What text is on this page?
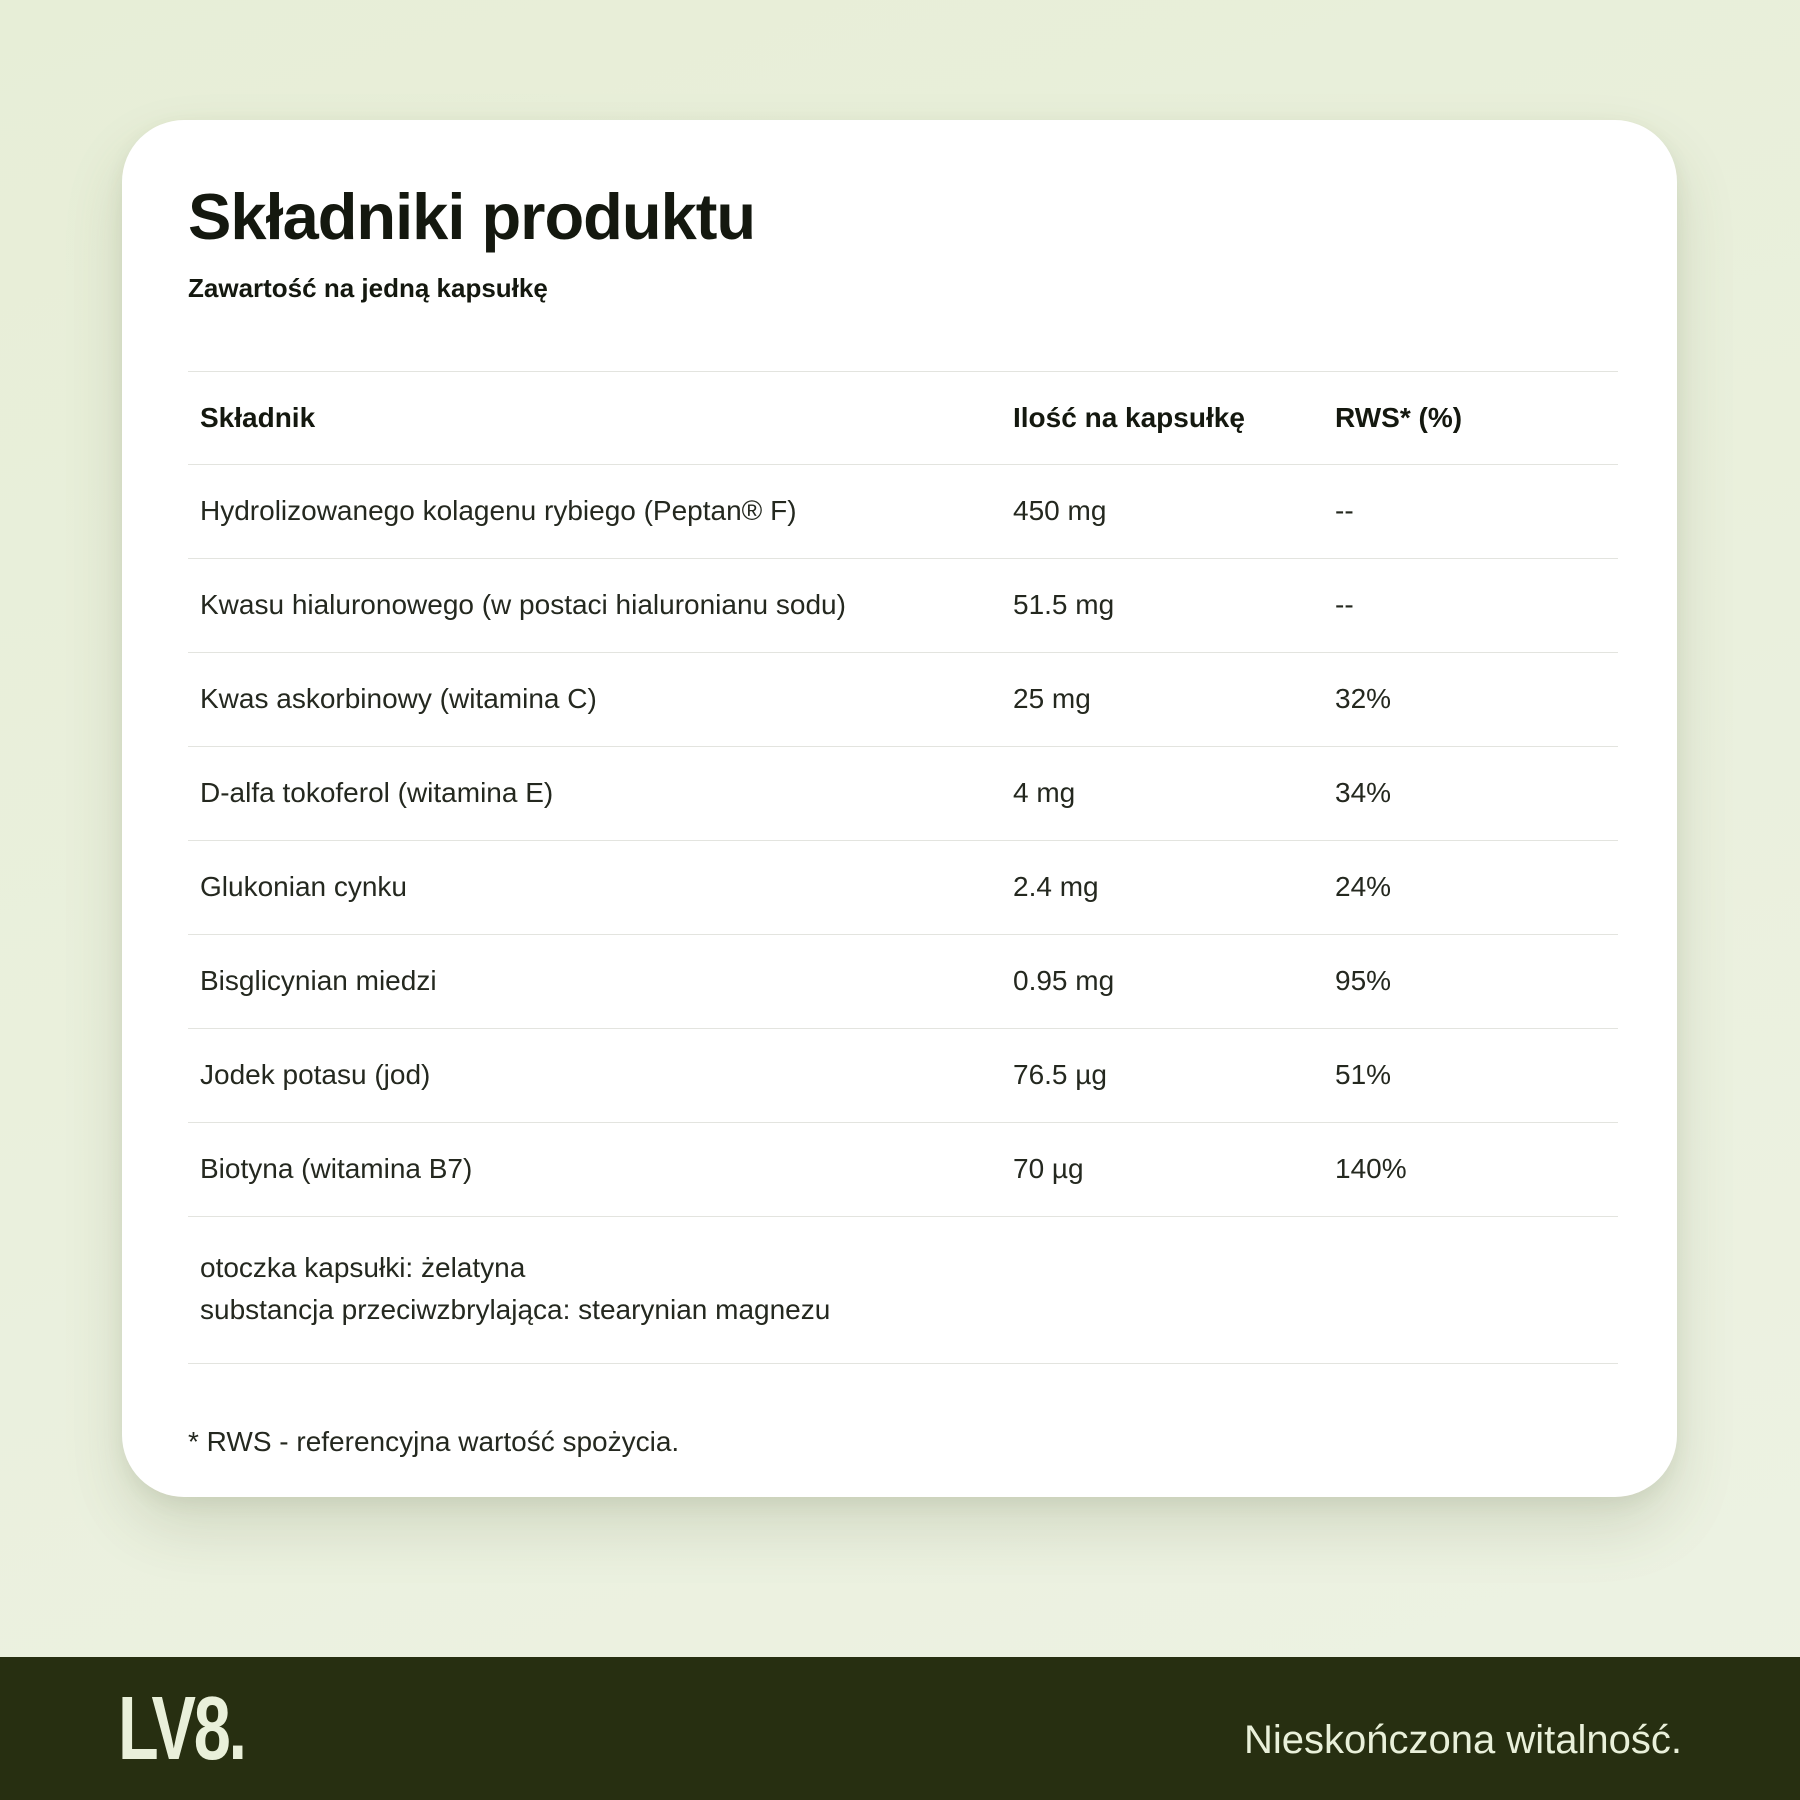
Składniki produktu

Zawartość na jedną kapsułkę

Składnik	Ilość na kapsułkę	RWS* (%)
Hydrolizowanego kolagenu rybiego (Peptan® F)	450 mg	--
Kwasu hialuronowego (w postaci hialuronianu sodu)	51.5 mg	--
Kwas askorbinowy (witamina C)	25 mg	32%
D-alfa tokoferol (witamina E)	4 mg	34%
Glukonian cynku	2.4 mg	24%
Bisglicynian miedzi	0.95 mg	95%
Jodek potasu (jod)	76.5 µg	51%
Biotyna (witamina B7)	70 µg	140%

otoczka kapsułki: żelatyna
substancja przeciwzbrylająca: stearynian magnezu		

* RWS - referencyjna wartość spożycia.

LV8.	Nieskończona witalność.
